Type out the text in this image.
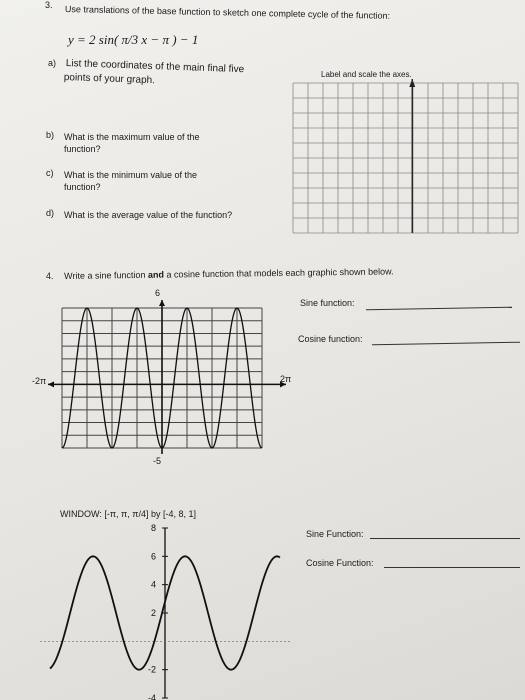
3. Use translations of the base function to sketch one complete cycle of the function:
y = 2 sin( π/3 x − π ) − 1
a) List the coordinates of the main final five
points of your graph.	Label and scale the axes.
b) What is the maximum value of the
function?
c) What is the minimum value of the
function?
d) What is the average value of the function?
4. Write a sine function and a cosine function that models each graphic shown below.
6
-5
-2π	2π
Sine function:
Cosine function:
WINDOW: [-π, π, π/4] by [-4, 8, 1]
8
6
4
2
-2
-4
Sine Function:
Cosine Function:
